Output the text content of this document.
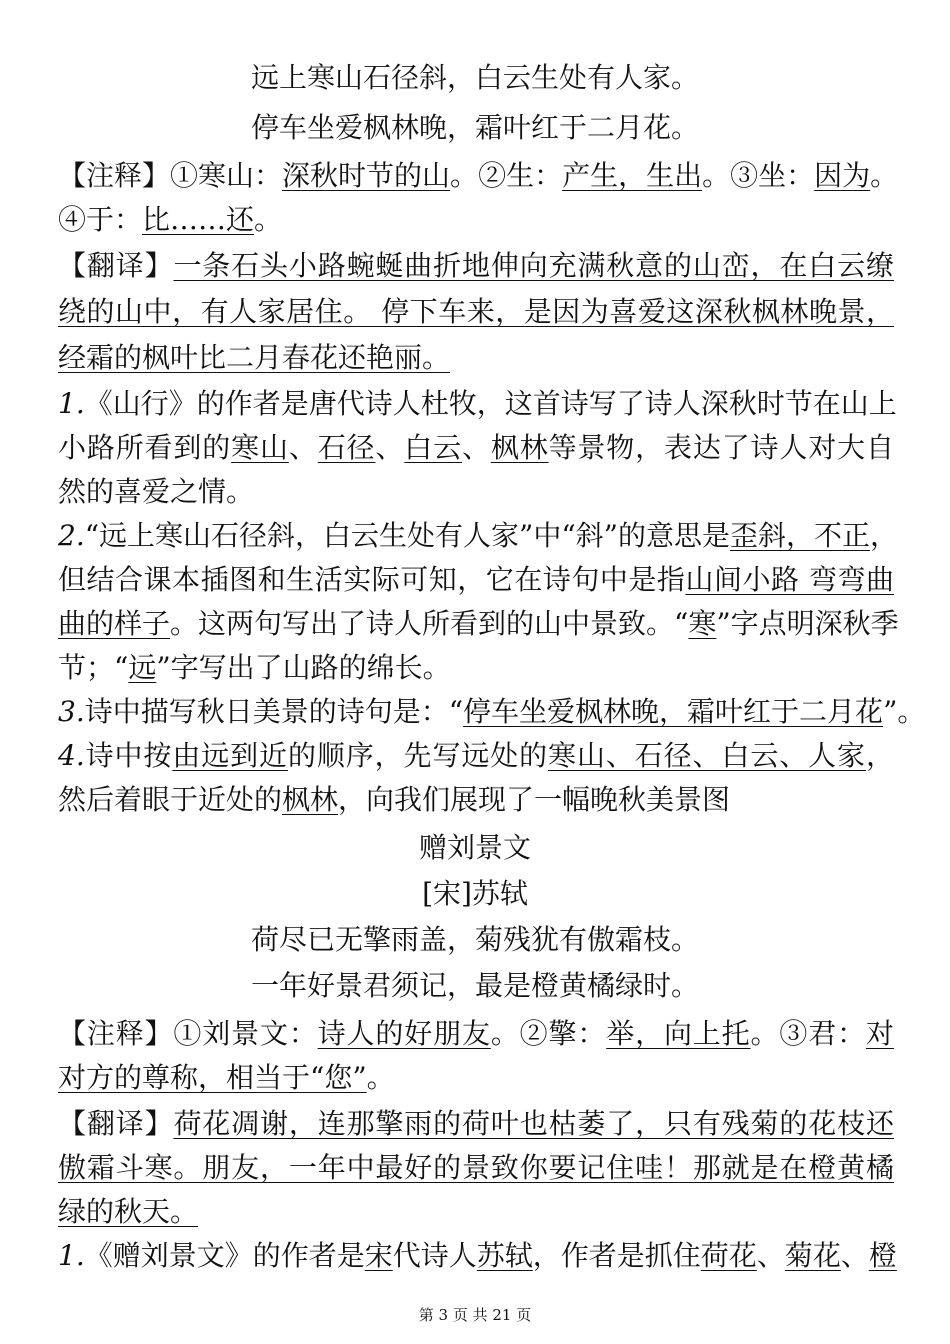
远上寒山石径斜，白云生处有人家。
停车坐爱枫林晚，霜叶红于二月花。
【注释】①寒山：深秋时节的山。②生：产生，生出。③坐：因为。
④于：比……还。
【翻译】一条石头小路蜿蜒曲折地伸向充满秋意的山峦，在白云缭
绕的山中，有人家居住。 停下车来，是因为喜爱这深秋枫林晚景，
经霜的枫叶比二月春花还艳丽。
1.《山行》的作者是唐代诗人杜牧，这首诗写了诗人深秋时节在山上
小路所看到的寒山、石径、白云、枫林等景物，表达了诗人对大自
然的喜爱之情。
2.“远上寒山石径斜，白云生处有人家”中“斜”的意思是歪斜，不正，
但结合课本插图和生活实际可知，它在诗句中是指山间小路 弯弯曲
曲的样子。这两句写出了诗人所看到的山中景致。“寒”字点明深秋季
节；“远”字写出了山路的绵长。
3.诗中描写秋日美景的诗句是：“停车坐爱枫林晚，霜叶红于二月花”。
4.诗中按由远到近的顺序，先写远处的寒山、石径、白云、人家，
然后着眼于近处的枫林，向我们展现了一幅晚秋美景图
赠刘景文
[宋]苏轼
荷尽已无擎雨盖，菊残犹有傲霜枝。
一年好景君须记，最是橙黄橘绿时。
【注释】①刘景文：诗人的好朋友。②擎：举，向上托。③君：对
对方的尊称，相当于“您”。
【翻译】荷花凋谢，连那擎雨的荷叶也枯萎了，只有残菊的花枝还
傲霜斗寒。朋友，一年中最好的景致你要记住哇！那就是在橙黄橘
绿的秋天。
1.《赠刘景文》的作者是宋代诗人苏轼，作者是抓住荷花、菊花、橙
第 3 页 共 21 页
